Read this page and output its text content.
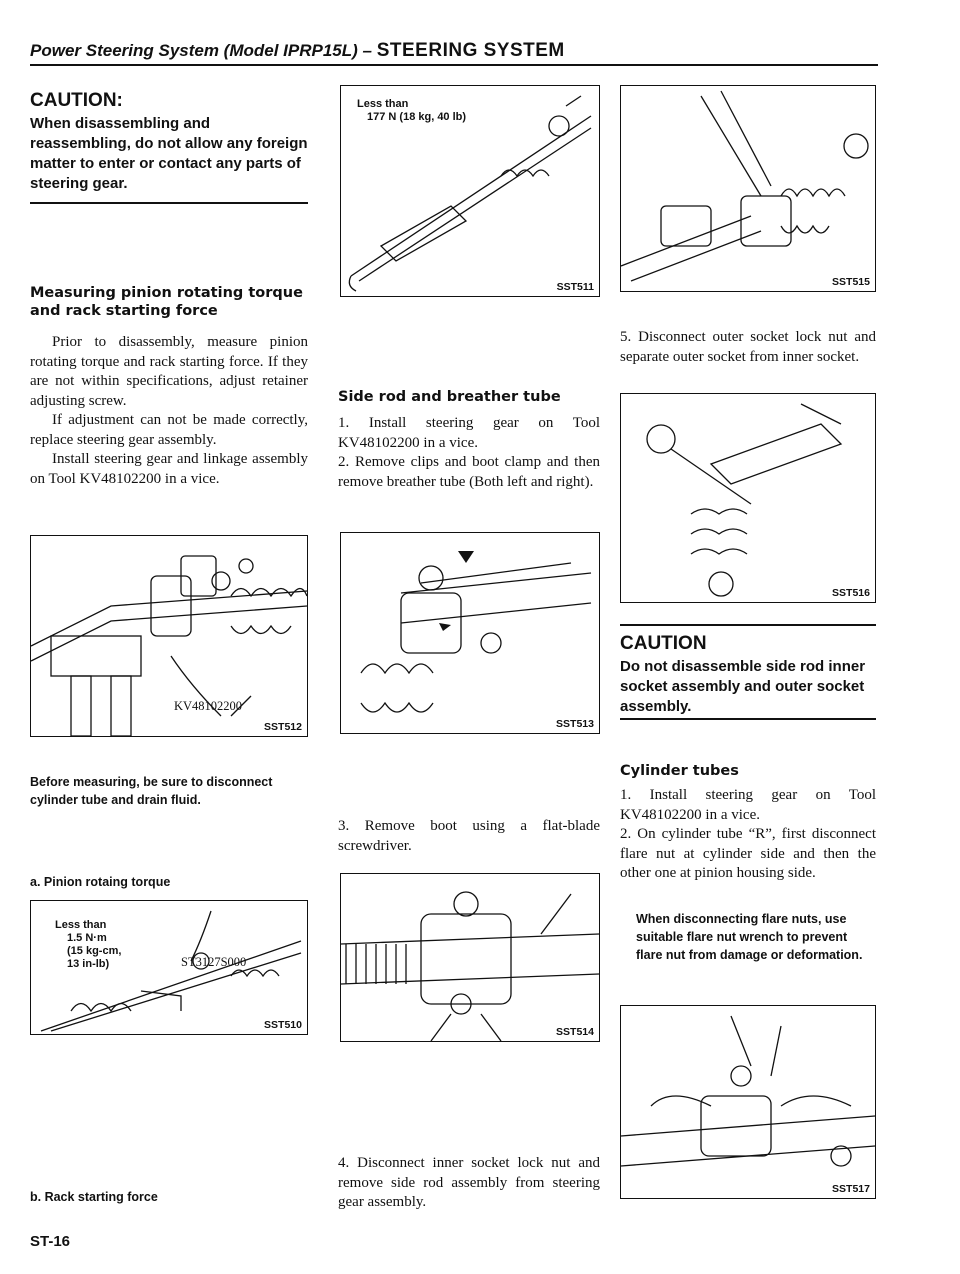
Power Steering System (Model IPRP15L) – STEERING SYSTEM
CAUTION:
When disassembling and reassembling, do not allow any foreign matter to enter or contact any parts of steering gear.
Measuring pinion rotating torque and rack starting force

Prior to disassembly, measure pinion rotating torque and rack starting force. If they are not within specifications, adjust retainer adjusting screw.

If adjustment can not be made correctly, replace steering gear assembly.

Install steering gear and linkage assembly on Tool KV48102200 in a vice.

KV48102200
SST512
Before measuring, be sure to disconnect cylinder tube and drain fluid.
a. Pinion rotaing torque
Less than
1.5 N·m
(15 kg-cm,
13 in-lb)	ST3127S000
SST510
b. Rack starting force
Less than
177 N (18 kg, 40 lb)
SST511
Side rod and breather tube

1. Install steering gear on Tool KV48102200 in a vice.

2. Remove clips and boot clamp and then remove breather tube (Both left and right).

SST513
3. Remove boot using a flat-blade screwdriver.
SST514
4. Disconnect inner socket lock nut and remove side rod assembly from steering gear assembly.
SST515
5. Disconnect outer socket lock nut and separate outer socket from inner socket.
SST516
CAUTION
Do not disassemble side rod inner socket assembly and outer socket assembly.
Cylinder tubes

1. Install steering gear on Tool KV48102200 in a vice.

2. On cylinder tube “R”, first disconnect flare nut at cylinder side and then the other one at pinion housing side.

When disconnecting flare nuts, use suitable flare nut wrench to prevent flare nut from damage or deformation.
SST517
ST-16
